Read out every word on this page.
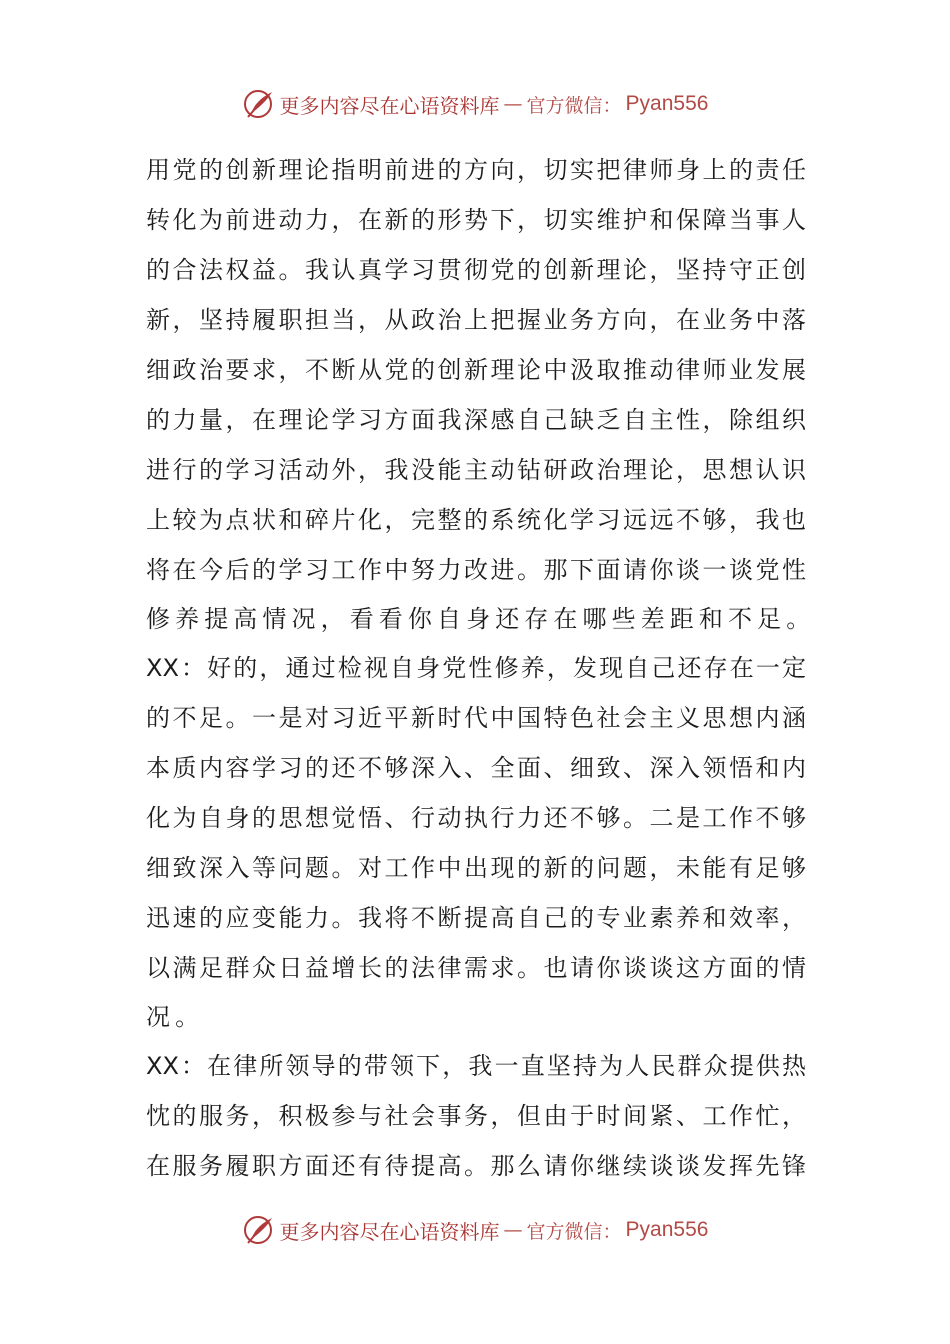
更多内容尽在心语资料库 — 官方微信： Pyan556
用党的创新理论指明前进的方向，切实把律师身上的责任
转化为前进动力，在新的形势下，切实维护和保障当事人
的合法权益。我认真学习贯彻党的创新理论，坚持守正创
新，坚持履职担当，从政治上把握业务方向，在业务中落
细政治要求，不断从党的创新理论中汲取推动律师业发展
的力量，在理论学习方面我深感自己缺乏自主性，除组织
进行的学习活动外，我没能主动钻研政治理论，思想认识
上较为点状和碎片化，完整的系统化学习远远不够，我也
将在今后的学习工作中努力改进。那下面请你谈一谈党性
修养提高情况，看看你自身还存在哪些差距和不足。
XX：好的，通过检视自身党性修养，发现自己还存在一定
的不足。一是对习近平新时代中国特色社会主义思想内涵
本质内容学习的还不够深入、全面、细致、深入领悟和内
化为自身的思想觉悟、行动执行力还不够。二是工作不够
细致深入等问题。对工作中出现的新的问题，未能有足够
迅速的应变能力。我将不断提高自己的专业素养和效率，
以满足群众日益增长的法律需求。也请你谈谈这方面的情
况。
XX：在律所领导的带领下，我一直坚持为人民群众提供热
忱的服务，积极参与社会事务，但由于时间紧、工作忙，
在服务履职方面还有待提高。那么请你继续谈谈发挥先锋
更多内容尽在心语资料库 — 官方微信： Pyan556
